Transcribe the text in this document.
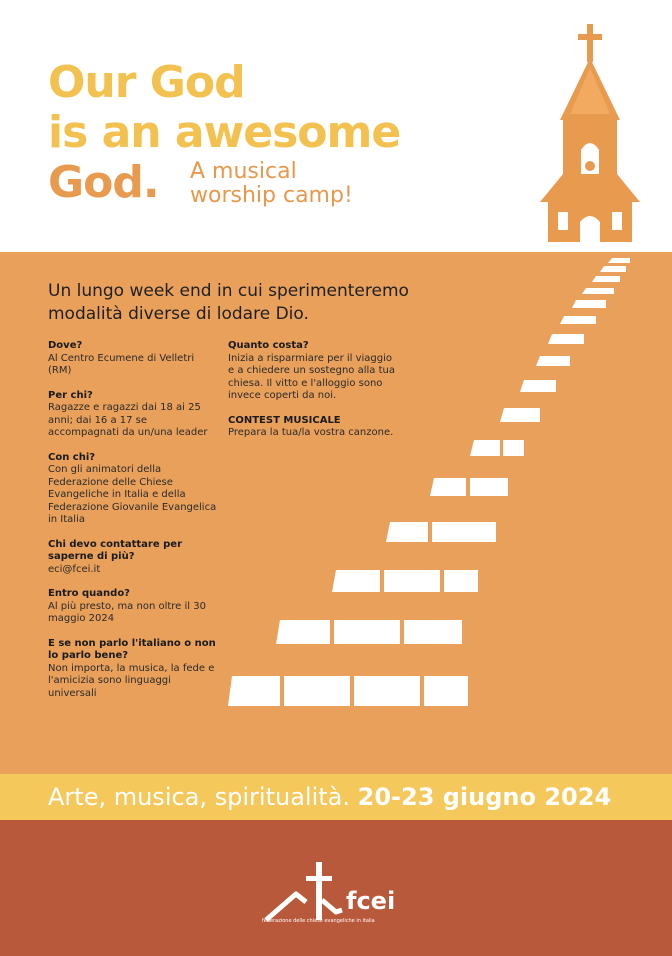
Our God
is an awesome
God.	A musical
worship camp!
Un lungo week end in cui sperimenteremo modalità diverse di lodare Dio.
Dove?
Al Centro Ecumene di Velletri (RM)
Per chi?
Ragazze e ragazzi dai 18 ai 25 anni; dai 16 a 17 se accompagnati da un/una leader
Con chi?
Con gli animatori della Federazione delle Chiese Evangeliche in Italia e della Federazione Giovanile Evangelica in Italia
Chi devo contattare per saperne di più?
eci@fcei.it
Entro quando?
Al più presto, ma non oltre il 30 maggio 2024
E se non parlo l'italiano o non lo parlo bene?
Non importa, la musica, la fede e l'amicizia sono linguaggi universali
Quanto costa?
Inizia a risparmiare per il viaggio e a chiedere un sostegno alla tua chiesa. Il vitto e l'alloggio sono invece coperti da noi.
CONTEST MUSICALE
Prepara la tua/la vostra canzone.
Arte, musica, spiritualità. 20-23 giugno 2024
fcei
federazione delle chiese evangeliche in italia
